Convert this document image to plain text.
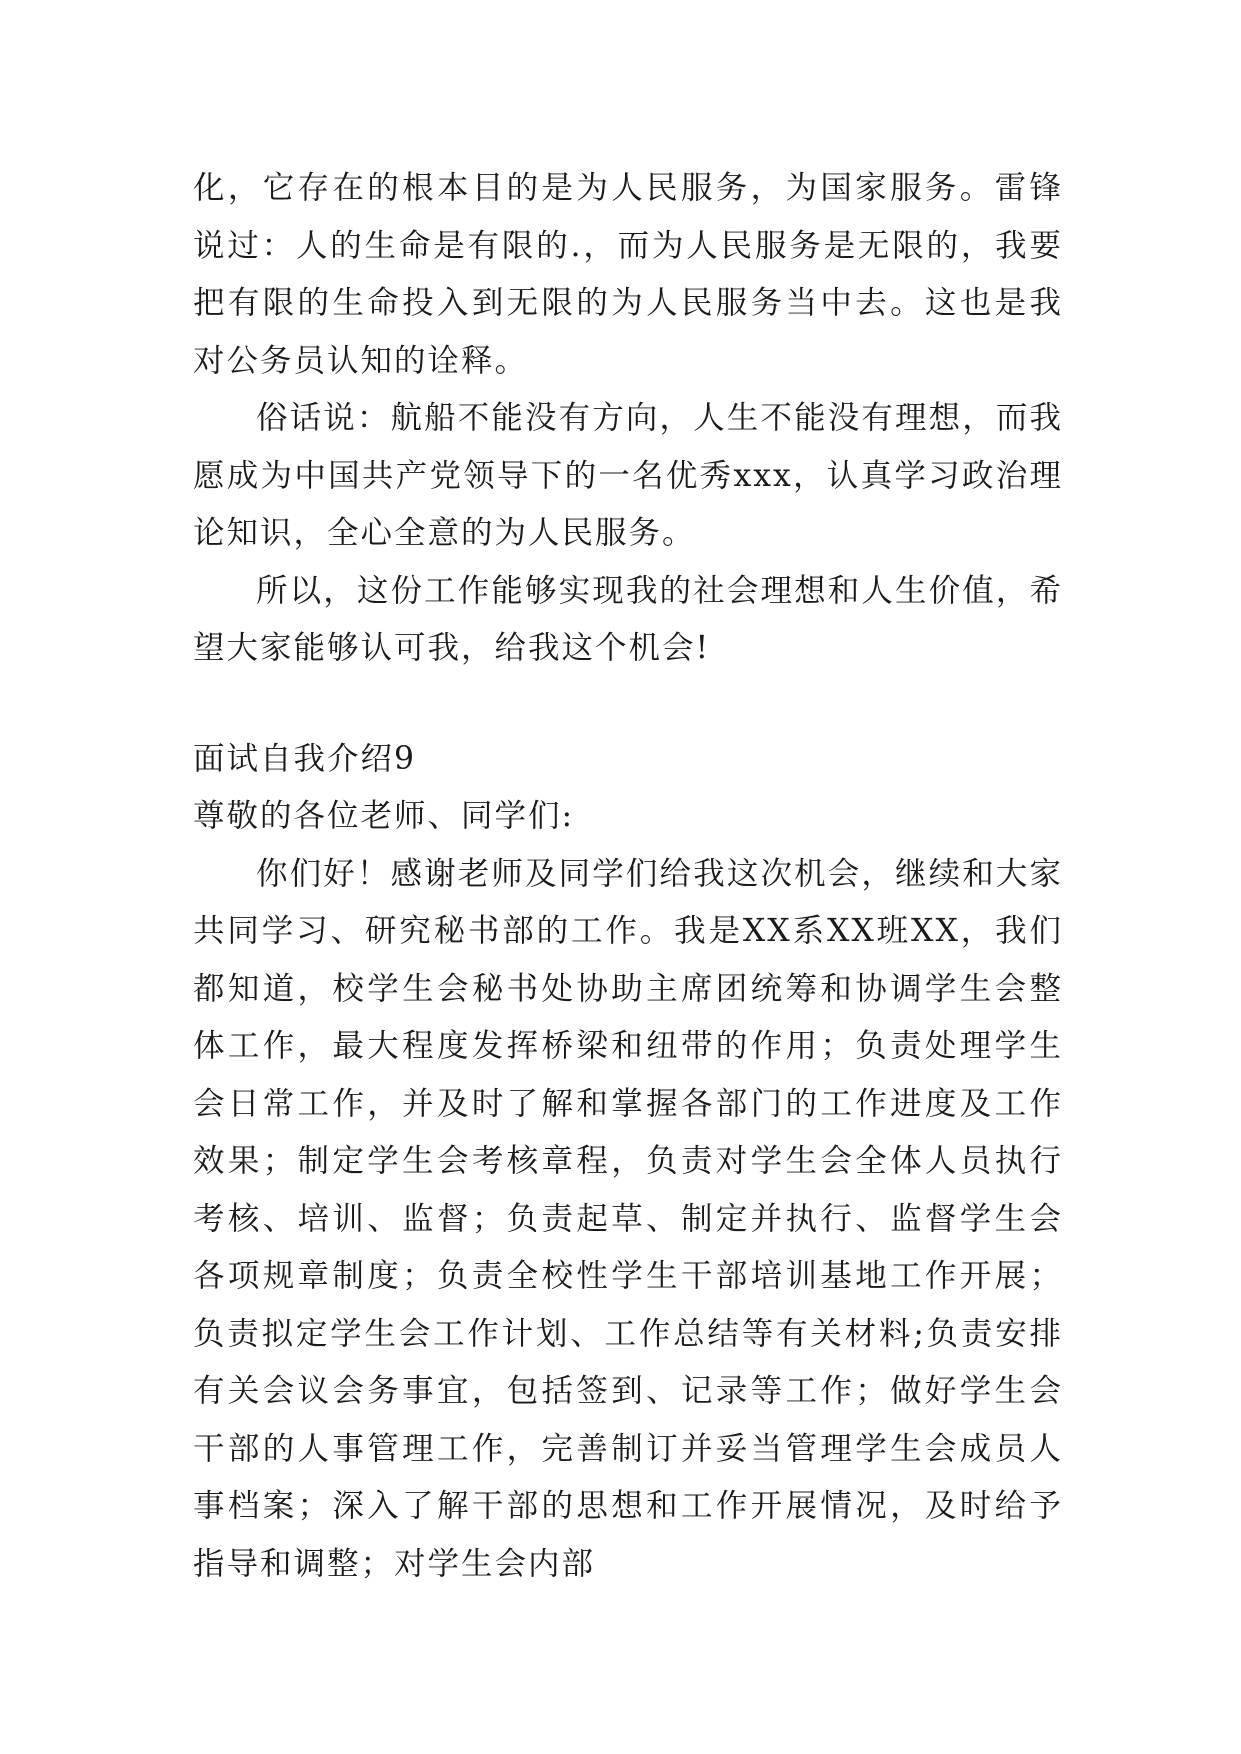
化，它存在的根本目的是为人民服务，为国家服务。雷锋说过：人的生命是有限的.，而为人民服务是无限的，我要把有限的生命投入到无限的为人民服务当中去。这也是我对公务员认知的诠释。

俗话说：航船不能没有方向，人生不能没有理想，而我愿成为中国共产党领导下的一名优秀xxx，认真学习政治理论知识，全心全意的为人民服务。

所以，这份工作能够实现我的社会理想和人生价值，希望大家能够认可我，给我这个机会!

面试自我介绍9

尊敬的各位老师、同学们:

你们好！感谢老师及同学们给我这次机会，继续和大家共同学习、研究秘书部的工作。我是XX系XX班XX，我们都知道，校学生会秘书处协助主席团统筹和协调学生会整体工作，最大程度发挥桥梁和纽带的作用；负责处理学生会日常工作，并及时了解和掌握各部门的工作进度及工作效果；制定学生会考核章程，负责对学生会全体人员执行考核、培训、监督；负责起草、制定并执行、监督学生会各项规章制度；负责全校性学生干部培训基地工作开展；负责拟定学生会工作计划、工作总结等有关材料;负责安排有关会议会务事宜，包括签到、记录等工作；做好学生会干部的人事管理工作，完善制订并妥当管理学生会成员人事档案；深入了解干部的思想和工作开展情况，及时给予指导和调整；对学生会内部
